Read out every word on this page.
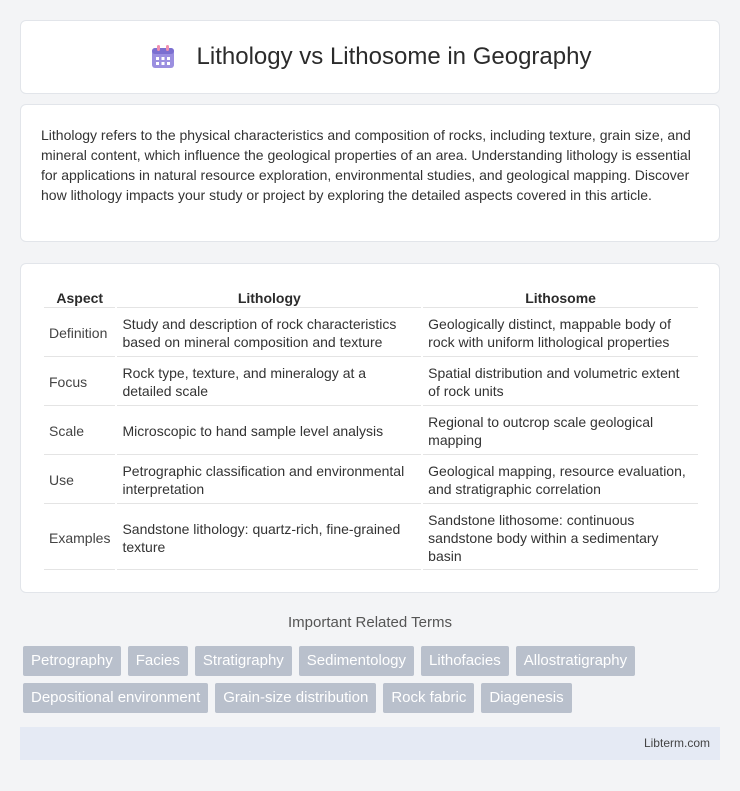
Lithology vs Lithosome in Geography

Lithology refers to the physical characteristics and composition of rocks, including texture, grain size, and mineral content, which influence the geological properties of an area. Understanding lithology is essential for applications in natural resource exploration, environmental studies, and geological mapping. Discover how lithology impacts your study or project by exploring the detailed aspects covered in this article.

Aspect	Lithology	Lithosome
Definition	Study and description of rock characteristics based on mineral composition and texture	Geologically distinct, mappable body of rock with uniform lithological properties
Focus	Rock type, texture, and mineralogy at a detailed scale	Spatial distribution and volumetric extent of rock units
Scale	Microscopic to hand sample level analysis	Regional to outcrop scale geological mapping
Use	Petrographic classification and environmental interpretation	Geological mapping, resource evaluation, and stratigraphic correlation
Examples	Sandstone lithology: quartz-rich, fine-grained texture	Sandstone lithosome: continuous sandstone body within a sedimentary basin
Important Related Terms
Petrography	Facies	Stratigraphy	Sedimentology	Lithofacies	Allostratigraphy
Depositional environment	Grain-size distribution	Rock fabric	Diagenesis
Libterm.com
